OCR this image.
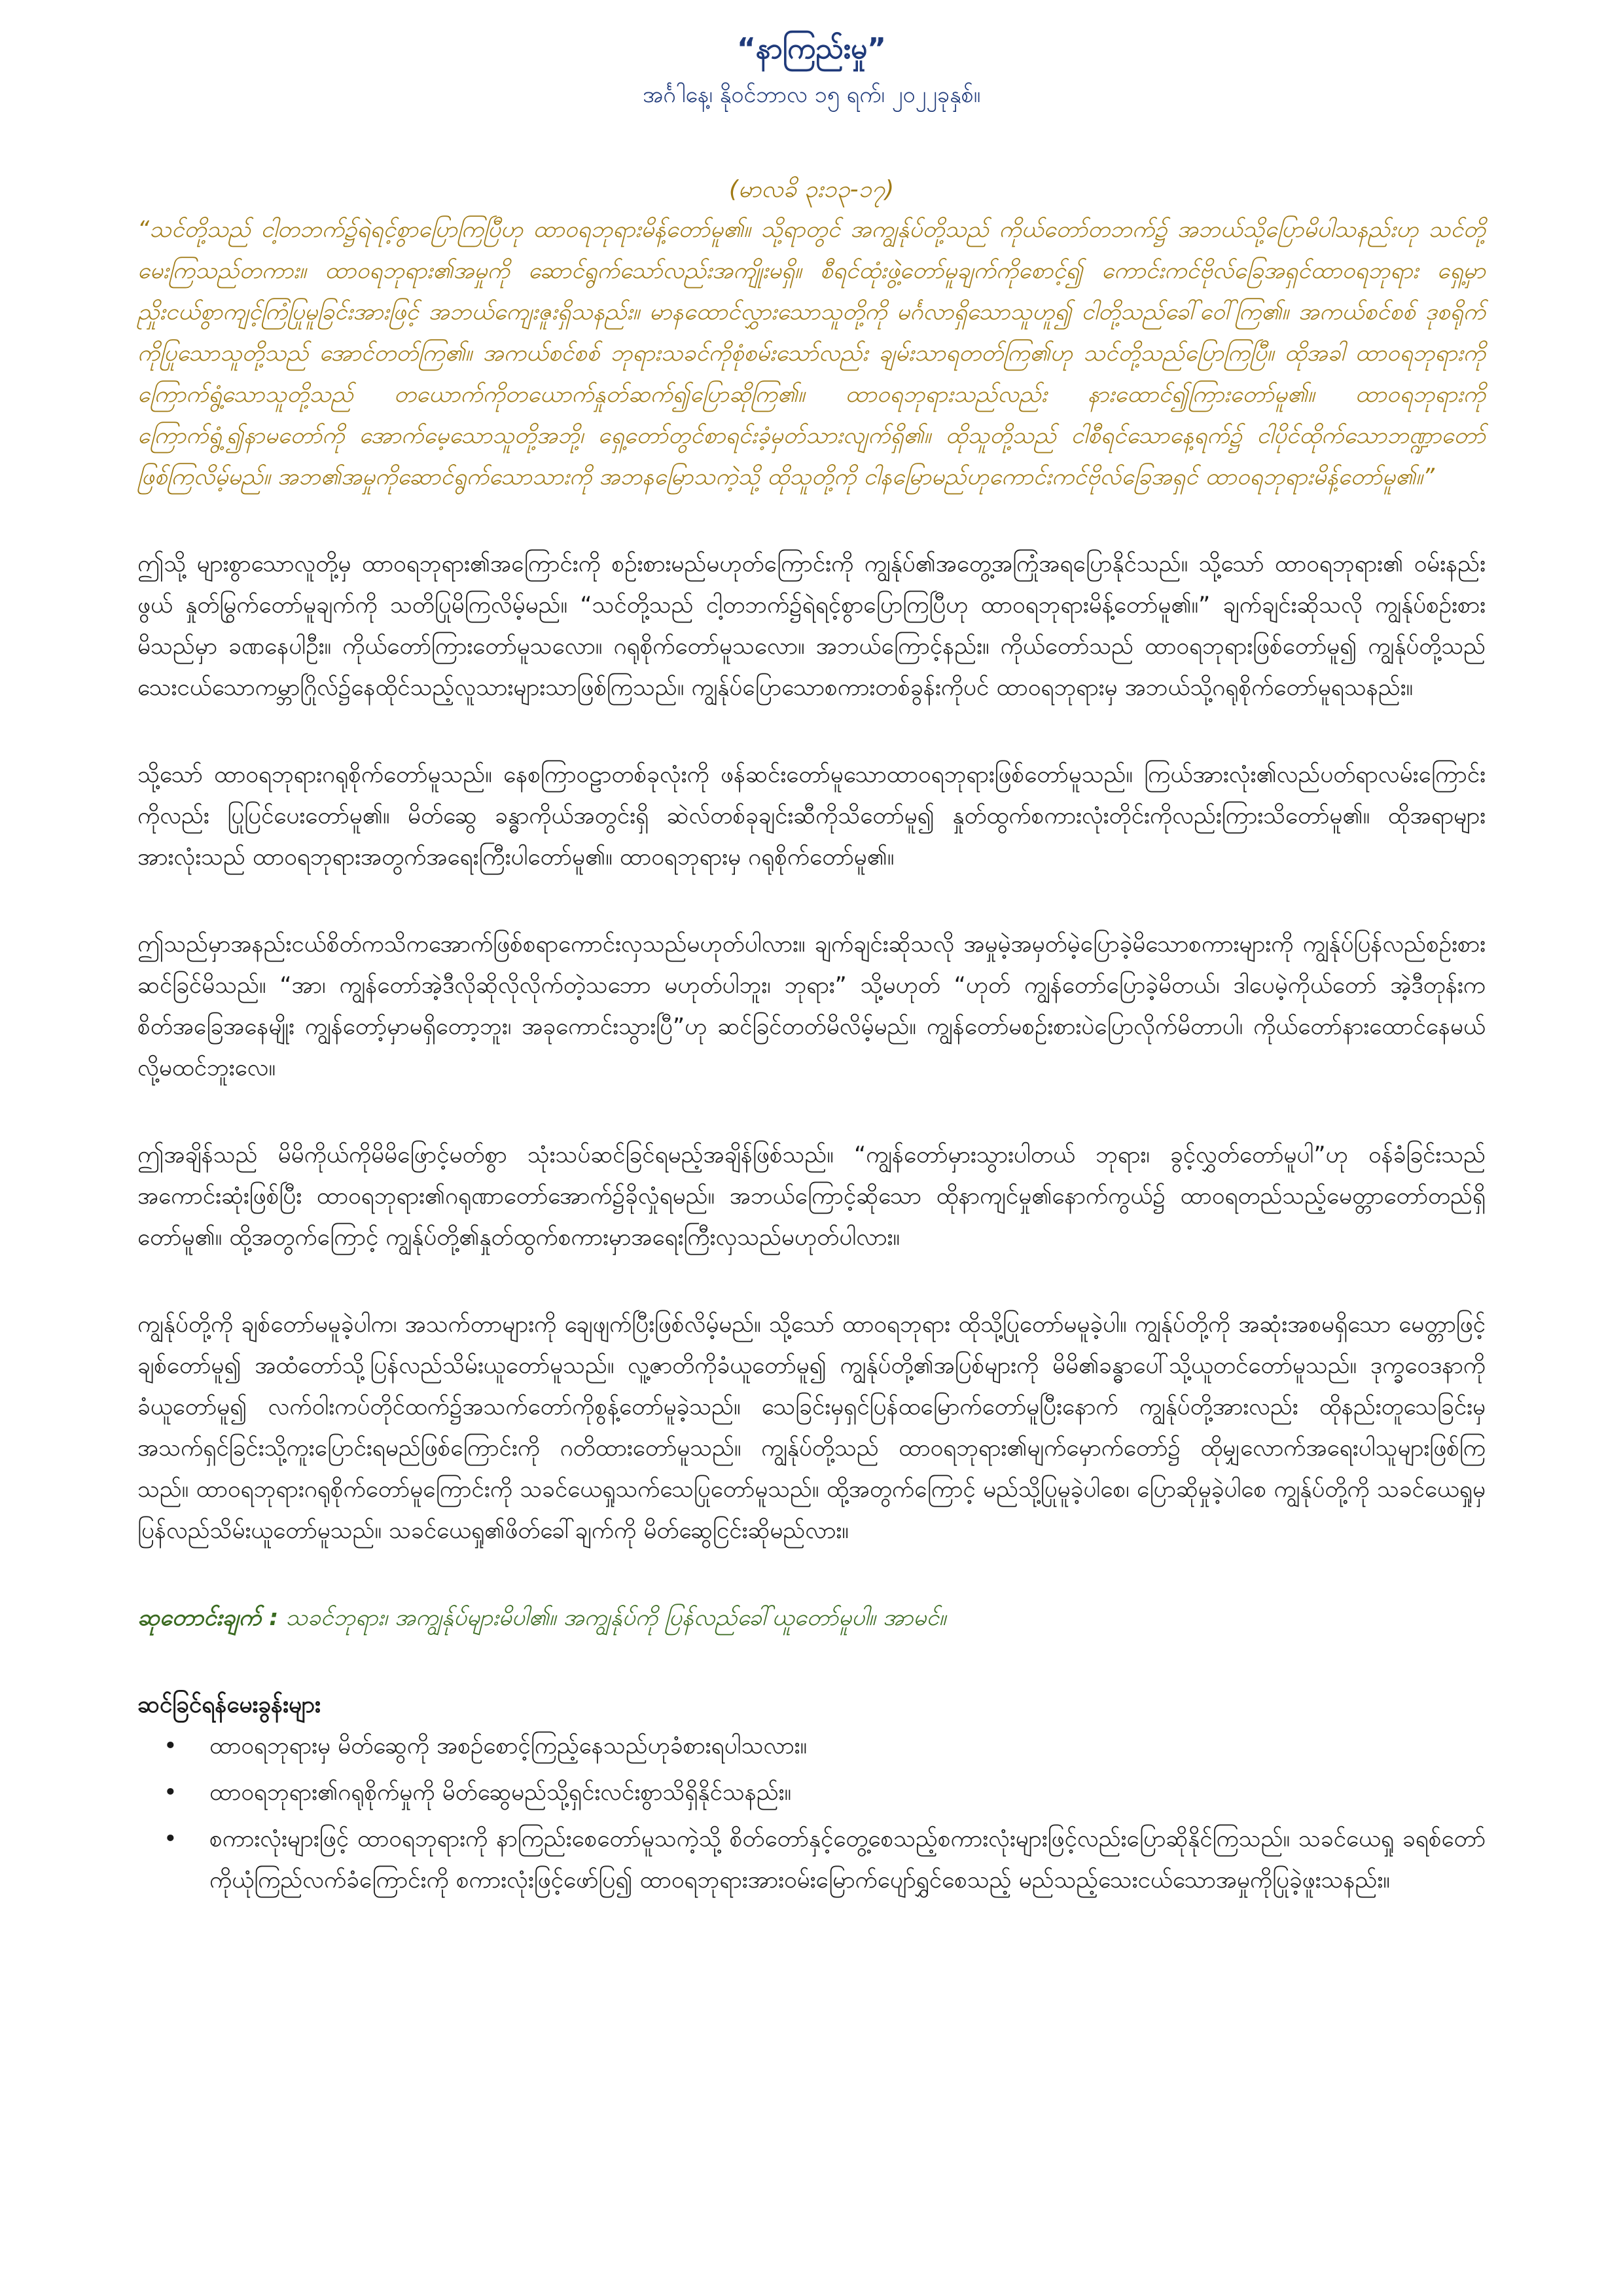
“နာကြည်းမှု”
အင်္ဂါနေ့၊ နိုဝင်ဘာလ ၁၅ ရက်၊ ၂၀၂၂ခုနှစ်။
(မာလခိ ၃း၁၃-၁၇)

“သင်တို့သည် ငါ့တဘက်၌ရဲရင့်စွာပြောကြပြီဟု ထာဝရဘုရားမိန့်တော်မူ၏။ သို့ရာတွင် အကျွန်ုပ်တို့သည် ကိုယ်တော်တဘက်၌ အဘယ်သို့ပြောမိပါသနည်းဟု သင်တို့မေးကြသည်တကား။ ထာဝရဘုရား၏အမှုကို ဆောင်ရွက်သော်လည်းအကျိုးမရှိ။ စီရင်ထုံးဖွဲ့တော်မူချက်ကိုစောင့်၍ ကောင်းကင်ဗိုလ်ခြေအရှင်ထာဝရဘုရား ရှေ့မှာ ညှိုးငယ်စွာကျင့်ကြံပြုမူခြင်းအားဖြင့် အဘယ်ကျေးဇူးရှိသနည်း။ မာနထောင်လွှားသောသူတို့ကို မင်္ဂလာရှိသောသူဟူ၍ ငါတို့သည်ခေါ်ဝေါ်ကြ၏။ အကယ်စင်စစ် ဒုစရိုက်ကိုပြုသောသူတို့သည် အောင်တတ်ကြ၏။ အကယ်စင်စစ် ဘုရားသခင်ကိုစုံစမ်းသော်လည်း ချမ်းသာရတတ်ကြ၏ဟု သင်တို့သည်ပြောကြပြီ။ ထိုအခါ ထာဝရဘုရားကို ကြောက်ရွံ့သောသူတို့သည် တယောက်ကိုတယောက်နှုတ်ဆက်၍ပြောဆိုကြ၏။ ထာဝရဘုရားသည်လည်း နားထောင်၍ကြားတော်မူ၏။ ထာဝရဘုရားကိုကြောက်ရွံ့၍နာမတော်ကို အောက်မေ့သောသူတို့အဘို့၊ ရှေ့တော်တွင်စာရင်းခံ့မှတ်သားလျက်ရှိ၏။ ထိုသူတို့သည် ငါစီရင်သောနေ့ရက်၌ ငါပိုင်ထိုက်သောဘဏ္ဍာတော် ဖြစ်ကြလိမ့်မည်။ အဘ၏အမှုကိုဆောင်ရွက်သောသားကို အဘနမြောသကဲ့သို့ ထိုသူတို့ကို ငါနမြောမည်ဟုကောင်းကင်ဗိုလ်ခြေအရှင် ထာဝရဘုရားမိန့်တော်မူ၏။”

ဤသို့ များစွာသောလူတို့မှ ထာဝရဘုရား၏အကြောင်းကို စဉ်းစားမည်မဟုတ်ကြောင်းကို ကျွန်ုပ်၏အတွေ့အကြုံအရပြောနိုင်သည်။ သို့သော် ထာဝရဘုရား၏ ဝမ်းနည်းဖွယ် နှုတ်မြွက်တော်မူချက်ကို သတိပြုမိကြလိမ့်မည်။ “သင်တို့သည် ငါ့တဘက်၌ရဲရင့်စွာပြောကြပြီဟု ထာဝရဘုရားမိန့်တော်မူ၏။” ချက်ချင်းဆိုသလို ကျွန်ုပ်စဉ်းစားမိသည်မှာ ခဏနေပါဦး။ ကိုယ်တော်ကြားတော်မူသလော။ ဂရုစိုက်တော်မူသလော။ အဘယ်ကြောင့်နည်း။ ကိုယ်တော်သည် ထာဝရဘုရားဖြစ်တော်မူ၍ ကျွန်ုပ်တို့သည် သေးငယ်သောကမ္ဘာဂြိုလ်၌နေထိုင်သည့်လူသားများသာဖြစ်ကြသည်။ ကျွန်ုပ်ပြောသောစကားတစ်ခွန်းကိုပင် ထာဝရဘုရားမှ အဘယ်သို့ဂရုစိုက်တော်မူရသနည်း။

သို့သော် ထာဝရဘုရားဂရုစိုက်တော်မူသည်။ နေစကြာဝဠာတစ်ခုလုံးကို ဖန်ဆင်းတော်မူသောထာဝရဘုရားဖြစ်တော်မူသည်။ ကြယ်အားလုံး၏လည်ပတ်ရာလမ်းကြောင်းကိုလည်း ပြုပြင်ပေးတော်မူ၏။ မိတ်ဆွေ ခန္ဓာကိုယ်အတွင်းရှိ ဆဲလ်တစ်ခုချင်းဆီကိုသိတော်မူ၍ နှုတ်ထွက်စကားလုံးတိုင်းကိုလည်းကြားသိတော်မူ၏။ ထိုအရာများ အားလုံးသည် ထာဝရဘုရားအတွက်အရေးကြီးပါတော်မူ၏။ ထာဝရဘုရားမှ ဂရုစိုက်တော်မူ၏။

ဤသည်မှာအနည်းငယ်စိတ်ကသိကအောက်ဖြစ်စရာကောင်းလှသည်မဟုတ်ပါလား။ ချက်ချင်းဆိုသလို အမှုမဲ့အမှတ်မဲ့ပြောခဲ့မိသောစကားများကို ကျွန်ုပ်ပြန်လည်စဉ်းစားဆင်ခြင်မိသည်။ “အာ၊ ကျွန်တော်အဲ့ဒီလိုဆိုလိုလိုက်တဲ့သဘော မဟုတ်ပါဘူး၊ ဘုရား” သို့မဟုတ် “ဟုတ် ကျွန်တော်ပြောခဲ့မိတယ်၊ ဒါပေမဲ့ကိုယ်တော် အဲ့ဒီတုန်းက စိတ်အခြေအနေမျိုး ကျွန်တော့်မှာမရှိတော့ဘူး၊ အခုကောင်းသွားပြီ”ဟု ဆင်ခြင်တတ်မိလိမ့်မည်။ ကျွန်တော်မစဉ်းစားပဲပြောလိုက်မိတာပါ၊ ကိုယ်တော်နားထောင်နေမယ်လို့မထင်ဘူးလေ။

ဤအချိန်သည် မိမိကိုယ်ကိုမိမိဖြောင့်မတ်စွာ သုံးသပ်ဆင်ခြင်ရမည့်အချိန်ဖြစ်သည်။ “ကျွန်တော်မှားသွားပါတယ် ဘုရား၊ ခွင့်လွှတ်တော်မူပါ”ဟု ဝန်ခံခြင်းသည် အကောင်းဆုံးဖြစ်ပြီး ထာဝရဘုရား၏ဂရုဏာတော်အောက်၌ခိုလှုံရမည်။ အဘယ်ကြောင့်ဆိုသော ထိုနာကျင်မှု၏နောက်ကွယ်၌ ထာဝရတည်သည့်မေတ္တာတော်တည်ရှိတော်မူ၏။ ထို့အတွက်ကြောင့် ကျွန်ုပ်တို့၏နှုတ်ထွက်စကားမှာအရေးကြီးလှသည်မဟုတ်ပါလား။

ကျွန်ုပ်တို့ကို ချစ်တော်မမူခဲ့ပါက၊ အသက်တာများကို ချေဖျက်ပြီးဖြစ်လိမ့်မည်။ သို့သော် ထာဝရဘုရား ထိုသို့ပြုတော်မမူခဲ့ပါ။ ကျွန်ုပ်တို့ကို အဆုံးအစမရှိသော မေတ္တာဖြင့်ချစ်တော်မူ၍ အထံတော်သို့ပြန်လည်သိမ်းယူတော်မူသည်။ လူ့ဇာတိကိုခံယူတော်မူ၍ ကျွန်ုပ်တို့၏အပြစ်များကို မိမိ၏ခန္ဓာပေါ်သို့ယူတင်တော်မူသည်။ ဒုက္ခဝေဒနာကိုခံယူတော်မူ၍ လက်ဝါးကပ်တိုင်ထက်၌အသက်တော်ကိုစွန့်တော်မူခဲ့သည်။ သေခြင်းမှရှင်ပြန်ထမြောက်တော်မူပြီးနောက် ကျွန်ုပ်တို့အားလည်း ထိုနည်းတူသေခြင်းမှ အသက်ရှင်ခြင်းသို့ကူးပြောင်းရမည်ဖြစ်ကြောင်းကို ဂတိထားတော်မူသည်။ ကျွန်ုပ်တို့သည် ထာဝရဘုရား၏မျက်မှောက်တော်၌ ထိုမျှလောက်အရေးပါသူများဖြစ်ကြသည်။ ထာဝရဘုရားဂရုစိုက်တော်မူကြောင်းကို သခင်ယေရှုသက်သေပြုတော်မူသည်။ ထို့အတွက်ကြောင့် မည်သို့ပြုမူခဲ့ပါစေ၊ ပြောဆိုမှုခဲ့ပါစေ ကျွန်ုပ်တို့ကို သခင်ယေရှုမှ ပြန်လည်သိမ်းယူတော်မူသည်။ သခင်ယေရှု၏ဖိတ်ခေါ်ချက်ကို မိတ်ဆွေငြင်းဆိုမည်လား။

ဆုတောင်းချက် : သခင်ဘုရား၊ အကျွန်ုပ်များမိပါ၏။ အကျွန်ုပ်ကို ပြန်လည်ခေါ်ယူတော်မူပါ။ အာမင်။

ဆင်ခြင်ရန်မေးခွန်းများ
• ထာဝရဘုရားမှ မိတ်ဆွေကို အစဉ်စောင့်ကြည့်နေသည်ဟုခံစားရပါသလား။
• ထာဝရဘုရား၏ဂရုစိုက်မှုကို မိတ်ဆွေမည်သို့ရှင်းလင်းစွာသိရှိနိုင်သနည်း။
• စကားလုံးများဖြင့် ထာဝရဘုရားကို နာကြည်းစေတော်မူသကဲ့သို့ စိတ်တော်နှင့်တွေ့စေသည့်စကားလုံးများဖြင့်လည်းပြောဆိုနိုင်ကြသည်။ သခင်ယေရှု ခရစ်တော်ကိုယုံကြည်လက်ခံကြောင်းကို စကားလုံးဖြင့်ဖော်ပြ၍ ထာဝရဘုရားအားဝမ်းမြောက်ပျော်ရွှင်စေသည့် မည်သည့်သေးငယ်သောအမှုကိုပြုခဲ့ဖူးသနည်း။
